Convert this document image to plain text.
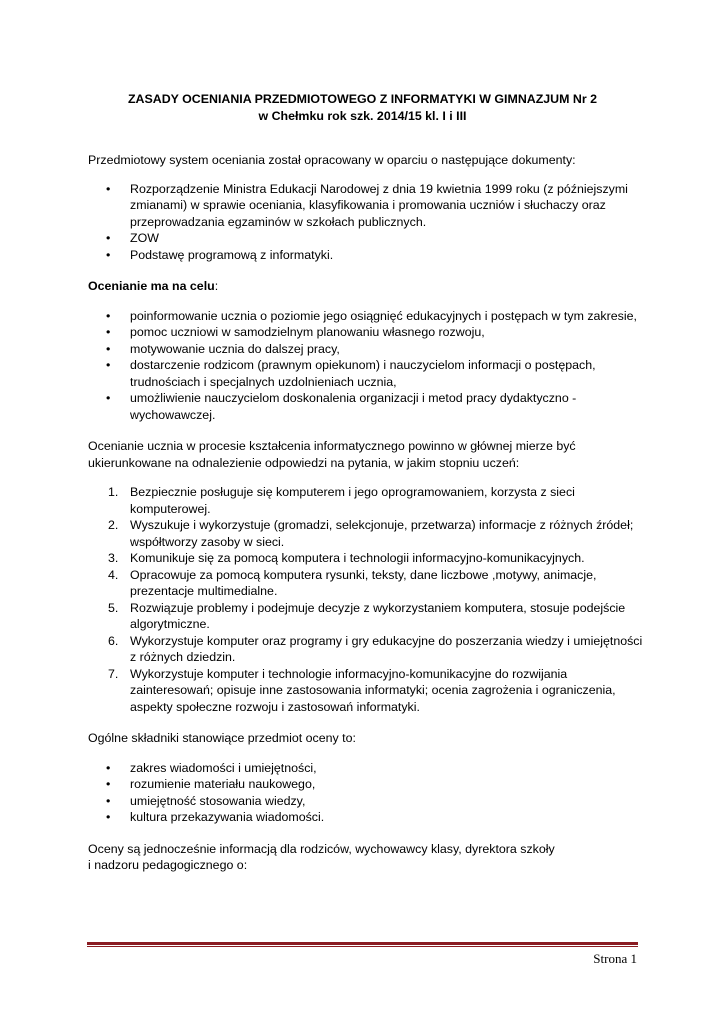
ZASADY OCENIANIA PRZEDMIOTOWEGO Z INFORMATYKI W GIMNAZJUM Nr 2
w Chełmku rok szk. 2014/15 kl. I i III

Przedmiotowy system oceniania został opracowany w oparciu o następujące dokumenty:

• Rozporządzenie Ministra Edukacji Narodowej z dnia 19 kwietnia 1999 roku (z późniejszymi zmianami) w sprawie oceniania, klasyfikowania i promowania uczniów i słuchaczy oraz przeprowadzania egzaminów w szkołach publicznych.
• ZOW
• Podstawę programową z informatyki.

Ocenianie ma na celu:

• poinformowanie ucznia o poziomie jego osiągnięć edukacyjnych i postępach w tym zakresie,
• pomoc uczniowi w samodzielnym planowaniu własnego rozwoju,
• motywowanie ucznia do dalszej pracy,
• dostarczenie rodzicom (prawnym opiekunom) i nauczycielom informacji o postępach, trudnościach i specjalnych uzdolnieniach ucznia,
• umożliwienie nauczycielom doskonalenia organizacji i metod pracy dydaktyczno - wychowawczej.

Ocenianie ucznia w procesie kształcenia informatycznego powinno w głównej mierze być ukierunkowane na odnalezienie odpowiedzi na pytania, w jakim stopniu uczeń:

1. Bezpiecznie posługuje się komputerem i jego oprogramowaniem, korzysta z sieci komputerowej.
2. Wyszukuje i wykorzystuje (gromadzi, selekcjonuje, przetwarza) informacje z różnych źródeł; współtworzy zasoby w sieci.
3. Komunikuje się za pomocą komputera i technologii informacyjno-komunikacyjnych.
4. Opracowuje za pomocą komputera rysunki, teksty, dane liczbowe ,motywy, animacje, prezentacje multimedialne.
5. Rozwiązuje problemy i podejmuje decyzje z wykorzystaniem komputera, stosuje podejście algorytmiczne.
6. Wykorzystuje komputer oraz programy i gry edukacyjne do poszerzania wiedzy i umiejętności z różnych dziedzin.
7. Wykorzystuje komputer i technologie informacyjno-komunikacyjne do rozwijania zainteresowań; opisuje inne zastosowania informatyki; ocenia zagrożenia i ograniczenia, aspekty społeczne rozwoju i zastosowań informatyki.

Ogólne składniki stanowiące przedmiot oceny to:

• zakres wiadomości i umiejętności,
• rozumienie materiału naukowego,
• umiejętność stosowania wiedzy,
• kultura przekazywania wiadomości.

Oceny są jednocześnie informacją dla rodziców, wychowawcy klasy, dyrektora szkoły

i nadzoru pedagogicznego o:

Strona 1
